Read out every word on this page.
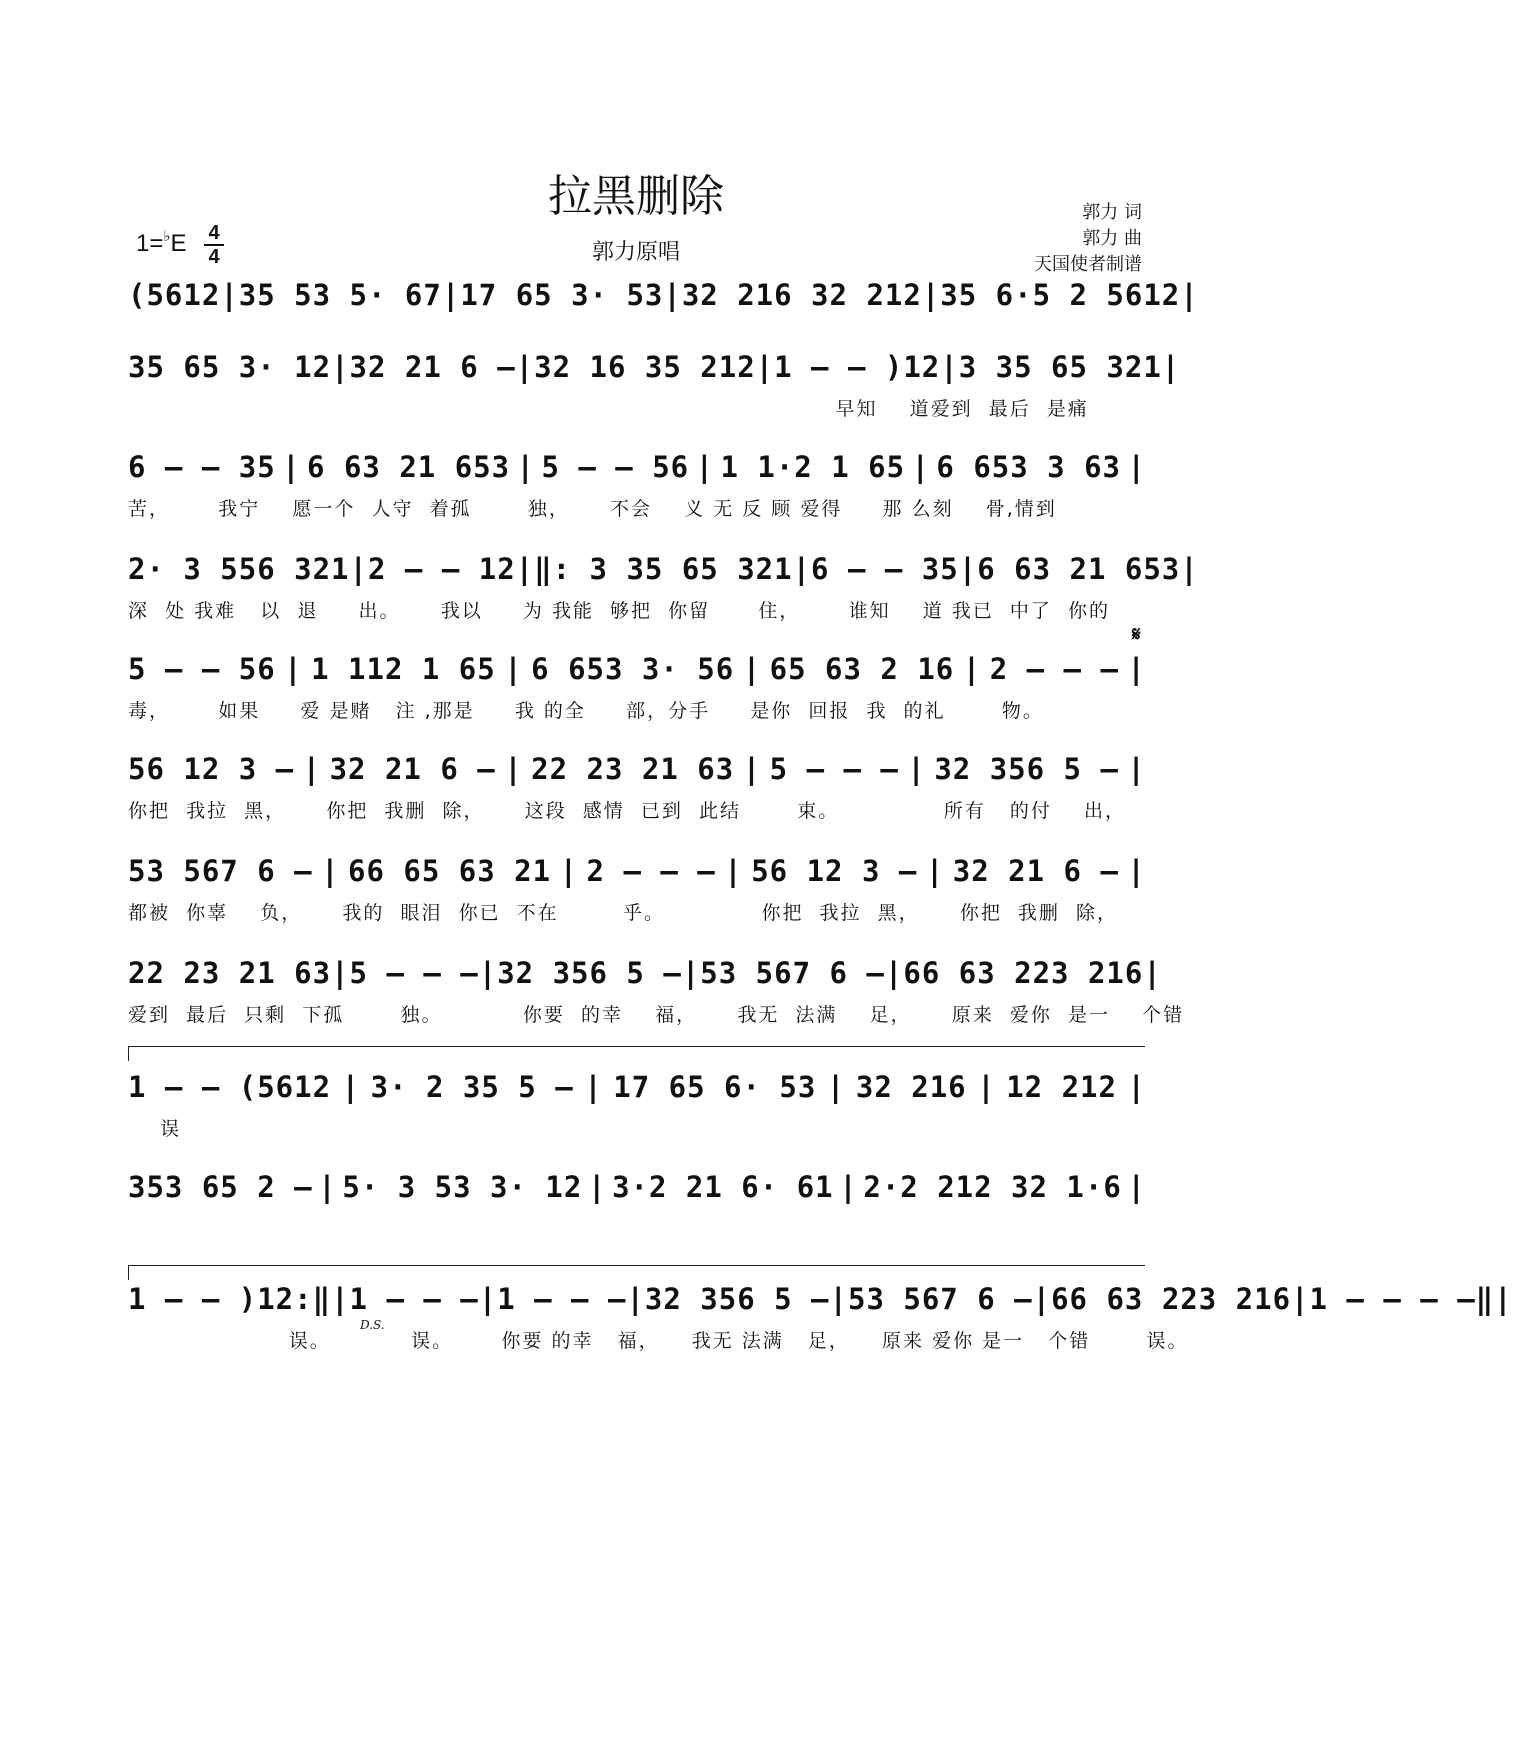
拉黑删除
郭力原唱
1=♭E 4
4
郭力 词
郭力 曲
天国使者制谱
(5612 | 35 53 5· 67 | 17 65 3· 53 | 32 216 32 212 | 35 6·5 2 5612 |
35 65 3· 12 | 32 21 6 – | 32 16 35 212 | 1 – – )12 | 3 35 65 321 |
早知    道爱到  最后  是痛
6 – – 35 | 6 63 21 653 | 5 – – 56 | 1 1·2 1 65 | 6 653 3 63 |
苦，      我宁    愿一个  人守  着孤       独，     不会    义 无 反 顾 爱得     那 么刻    骨,情到
2· 3 556 321 | 2 – – 12 | ‖: 3 35 65 321 | 6 – – 35 | 6 63 21 653 |
深  处 我难   以  退     出。     我以     为 我能  够把  你留      住，      谁知    道 我已  中了  你的
5 – – 56 | 1 112 1 65 | 6 653 3· 56 | 65 63 2 16 | 2 – – – |
毒，      如果     爱 是赌   注 ,那是     我 的全     部，分手     是你  回报  我  的礼       物。
56 12 3 – | 32 21 6 – | 22 23 21 63 | 5 – – – | 32 356 5 – |
你把  我拉  黑，     你把  我删  除，     这段  感情  已到  此结       束。             所有   的付    出，
53 567 6 – | 66 65 63 21 | 2 – – – | 56 12 3 – | 32 21 6 – |
都被  你辜    负，     我的  眼泪  你已  不在        乎。            你把  我拉  黑，     你把  我删  除，
22 23 21 63 | 5 – – – | 32 356 5 – | 53 567 6 – | 66 63 223 216 |
爱到  最后  只剩  下孤       独。          你要  的幸    福，     我无  法满    足，     原来  爱你  是一    个错
1 – – (5612 | 3· 2 35 5 – | 17 65 6· 53 | 32 216 | 12 212 |
误
353 65 2 – | 5· 3 53 3· 12 | 3·2 21 6· 61 | 2·2 212 32 1·6 |
1 – – )12:‖ | 1 – – – | 1 – – – | 32 356 5 – | 53 567 6 – | 66 63 223 216 | 1 – – – –‖ |
误。          误。      你要 的幸   福，    我无 法满   足，    原来 爱你 是一   个错       误。
𝄋
D.S.
